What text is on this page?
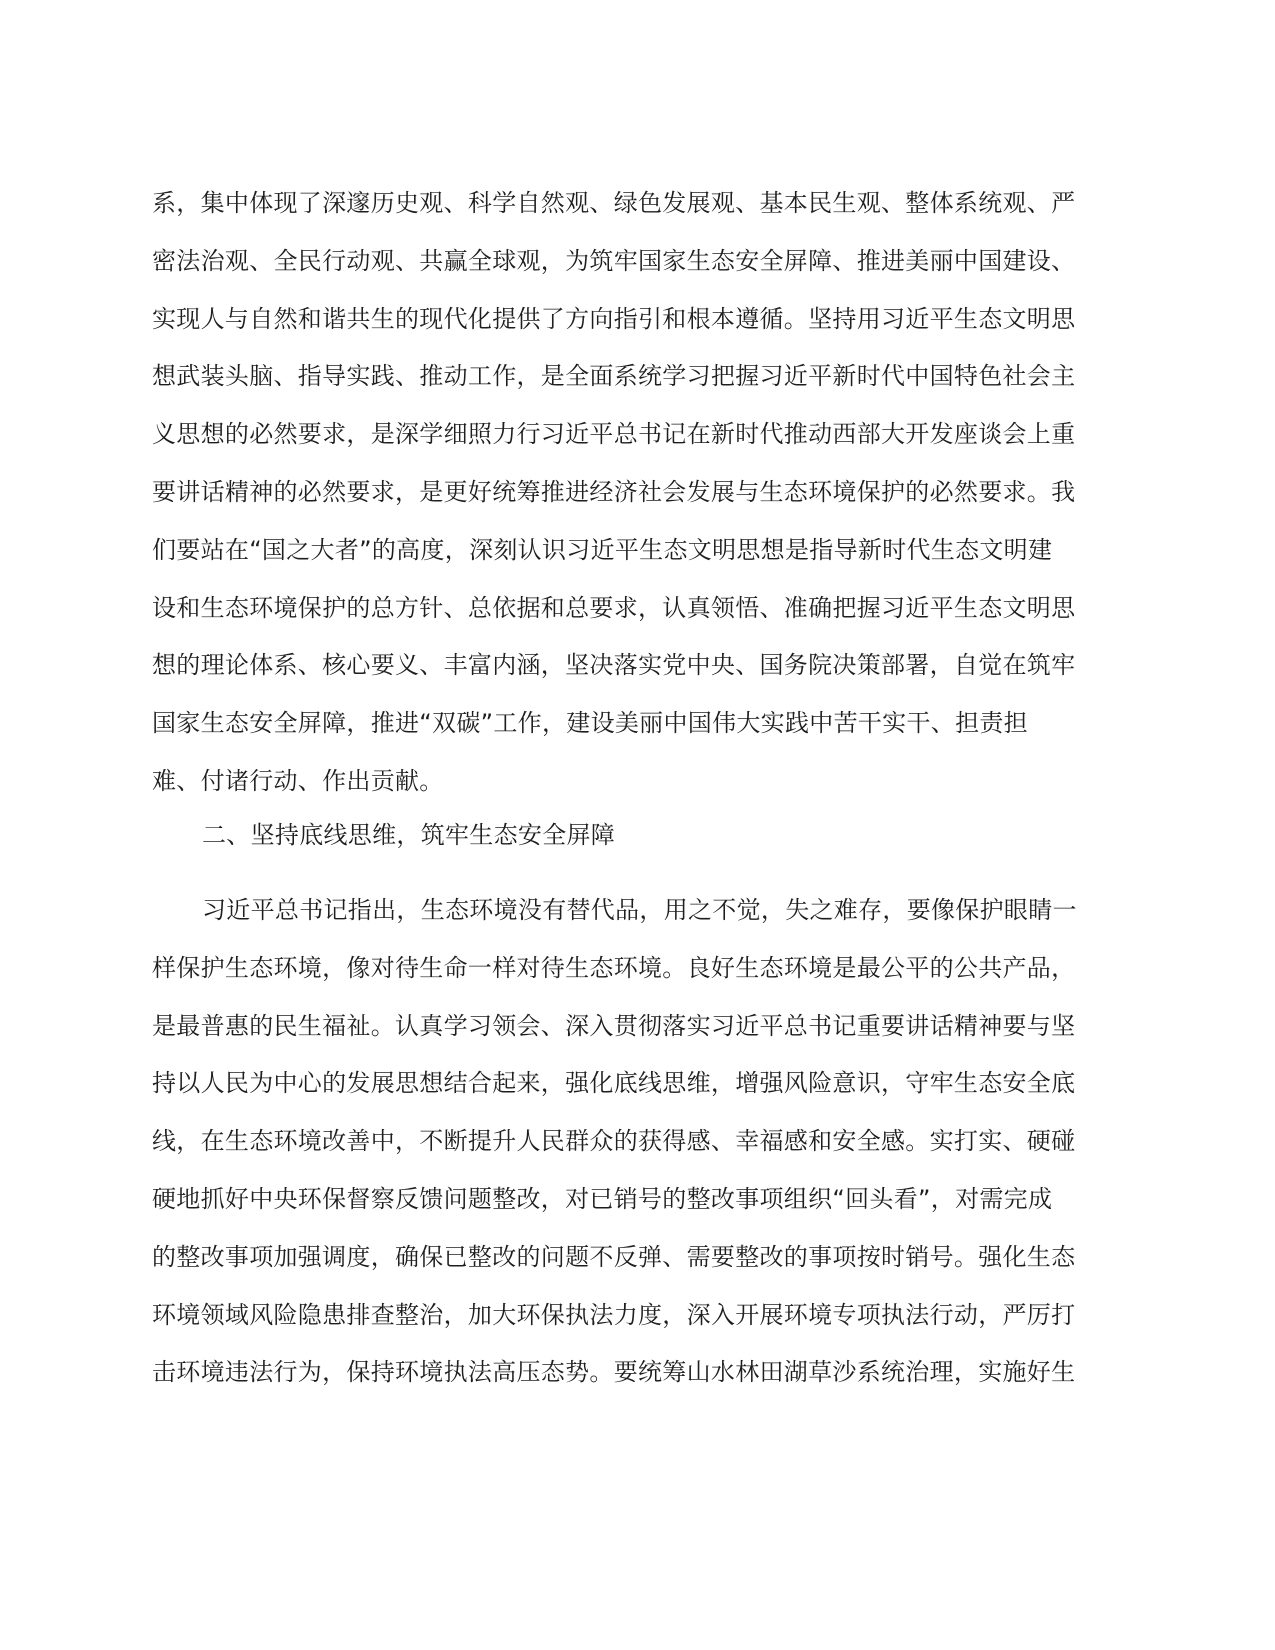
系，集中体现了深邃历史观、科学自然观、绿色发展观、基本民生观、整体系统观、严
密法治观、全民行动观、共赢全球观，为筑牢国家生态安全屏障、推进美丽中国建设、
实现人与自然和谐共生的现代化提供了方向指引和根本遵循。坚持用习近平生态文明思
想武装头脑、指导实践、推动工作，是全面系统学习把握习近平新时代中国特色社会主
义思想的必然要求，是深学细照力行习近平总书记在新时代推动西部大开发座谈会上重
要讲话精神的必然要求，是更好统筹推进经济社会发展与生态环境保护的必然要求。我
们要站在“国之大者”的高度，深刻认识习近平生态文明思想是指导新时代生态文明建
设和生态环境保护的总方针、总依据和总要求，认真领悟、准确把握习近平生态文明思
想的理论体系、核心要义、丰富内涵，坚决落实党中央、国务院决策部署，自觉在筑牢
国家生态安全屏障，推进“双碳”工作，建设美丽中国伟大实践中苦干实干、担责担
难、付诸行动、作出贡献。
二、坚持底线思维，筑牢生态安全屏障
习近平总书记指出，生态环境没有替代品，用之不觉，失之难存，要像保护眼睛一
样保护生态环境，像对待生命一样对待生态环境。良好生态环境是最公平的公共产品，
是最普惠的民生福祉。认真学习领会、深入贯彻落实习近平总书记重要讲话精神要与坚
持以人民为中心的发展思想结合起来，强化底线思维，增强风险意识，守牢生态安全底
线，在生态环境改善中，不断提升人民群众的获得感、幸福感和安全感。实打实、硬碰
硬地抓好中央环保督察反馈问题整改，对已销号的整改事项组织“回头看”，对需完成
的整改事项加强调度，确保已整改的问题不反弹、需要整改的事项按时销号。强化生态
环境领域风险隐患排查整治，加大环保执法力度，深入开展环境专项执法行动，严厉打
击环境违法行为，保持环境执法高压态势。要统筹山水林田湖草沙系统治理，实施好生
